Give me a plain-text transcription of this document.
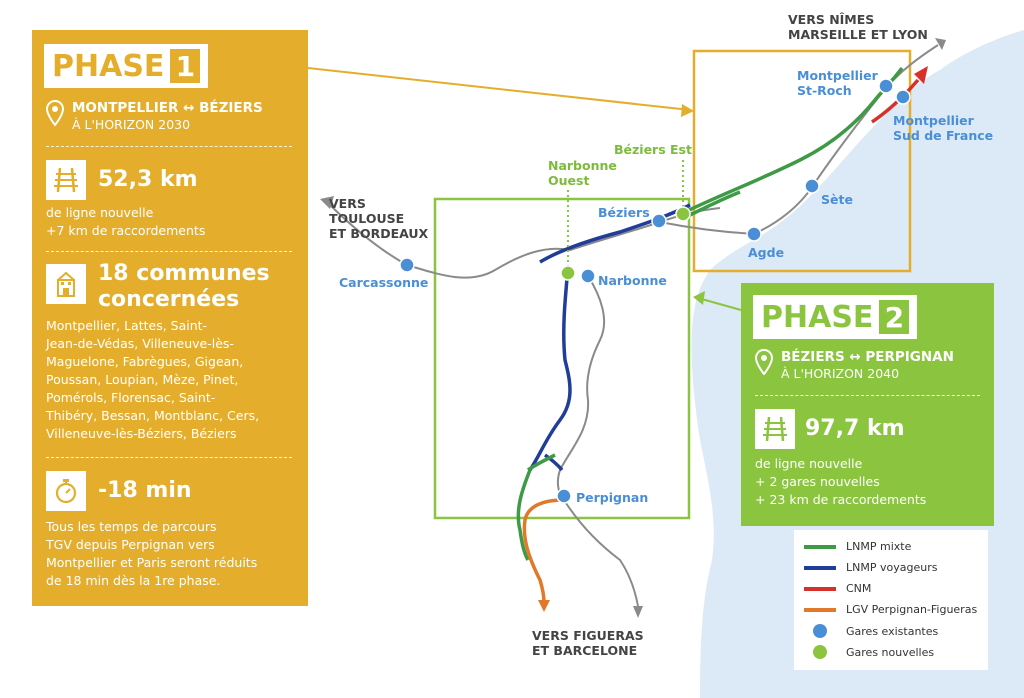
VERS NÎMES
MARSEILLE ET LYON
VERS
TOULOUSE
ET BORDEAUX
VERS FIGUERAS
ET BARCELONE
Montpellier
St-Roch
Montpellier
Sud de France
Sète
Agde
Béziers
Béziers Est
Narbonne
Ouest
Narbonne
Carcassonne
Perpignan
PHASE 1
MONTPELLIER ↔ BÉZIERS
À L'HORIZON 2030
52,3 km
de ligne nouvelle
+7 km de raccordements
18 communes
concernées
Montpellier, Lattes, Saint-
Jean-de-Védas, Villeneuve-lès-
Maguelone, Fabrègues, Gigean,
Poussan, Loupian, Mèze, Pinet,
Pomérols, Florensac, Saint-
Thibéry, Bessan, Montblanc, Cers,
Villeneuve-lès-Béziers, Béziers
-18 min
Tous les temps de parcours
TGV depuis Perpignan vers
Montpellier et Paris seront réduits
de 18 min dès la 1re phase.
PHASE 2
BÉZIERS ↔ PERPIGNAN
À L'HORIZON 2040
97,7 km
de ligne nouvelle
+ 2 gares nouvelles
+ 23 km de raccordements
LNMP mixte
LNMP voyageurs
CNM
LGV Perpignan-Figueras
Gares existantes
Gares nouvelles
